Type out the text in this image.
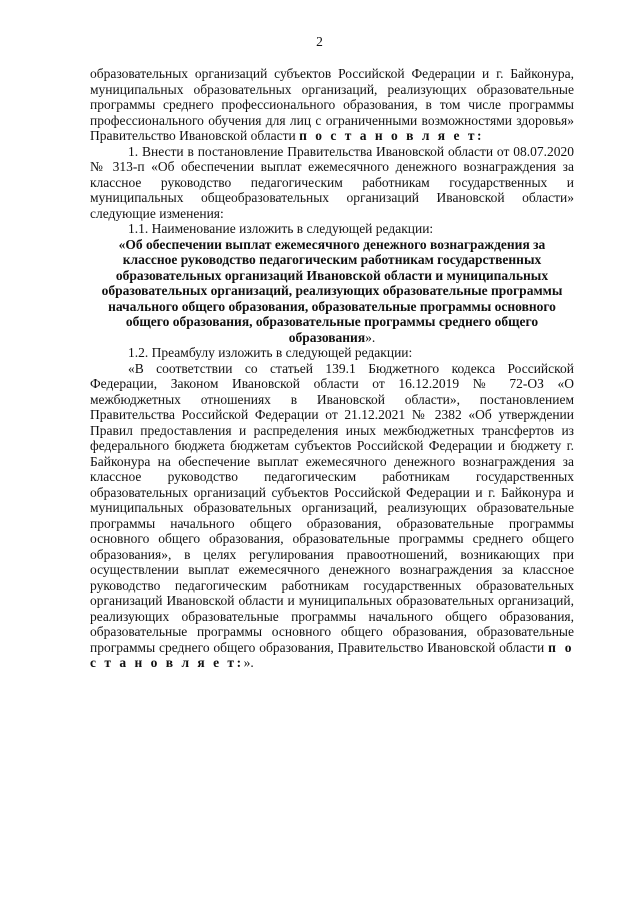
2

образовательных организаций субъектов Российской Федерации и г. Байконура, муниципальных образовательных организаций, реализующих образовательные программы среднего профессионального образования, в том числе программы профессионального обучения для лиц с ограниченными возможностями здоровья» Правительство Ивановской области п о с т а н о в л я е т:

1. Внести в постановление Правительства Ивановской области от 08.07.2020 № 313-п «Об обеспечении выплат ежемесячного денежного вознаграждения за классное руководство педагогическим работникам государственных и муниципальных общеобразовательных организаций Ивановской области» следующие изменения:

1.1. Наименование изложить в следующей редакции:

«Об обеспечении выплат ежемесячного денежного вознаграждения за классное руководство педагогическим работникам государственных образовательных организаций Ивановской области и муниципальных образовательных организаций, реализующих образовательные программы начального общего образования, образовательные программы основного общего образования, образовательные программы среднего общего образования».

1.2. Преамбулу изложить в следующей редакции:

«В соответствии со статьей 139.1 Бюджетного кодекса Российской Федерации, Законом Ивановской области от 16.12.2019 № 72-ОЗ «О межбюджетных отношениях в Ивановской области», постановлением Правительства Российской Федерации от 21.12.2021 № 2382 «Об утверждении Правил предоставления и распределения иных межбюджетных трансфертов из федерального бюджета бюджетам субъектов Российской Федерации и бюджету г. Байконура на обеспечение выплат ежемесячного денежного вознаграждения за классное руководство педагогическим работникам государственных образовательных организаций субъектов Российской Федерации и г. Байконура и муниципальных образовательных организаций, реализующих образовательные программы начального общего образования, образовательные программы основного общего образования, образовательные программы среднего общего образования», в целях регулирования правоотношений, возникающих при осуществлении выплат ежемесячного денежного вознаграждения за классное руководство педагогическим работникам государственных образовательных организаций Ивановской области и муниципальных образовательных организаций, реализующих образовательные программы начального общего образования, образовательные программы основного общего образования, образовательные программы среднего общего образования, Правительство Ивановской области п о с т а н о в л я е т:».
